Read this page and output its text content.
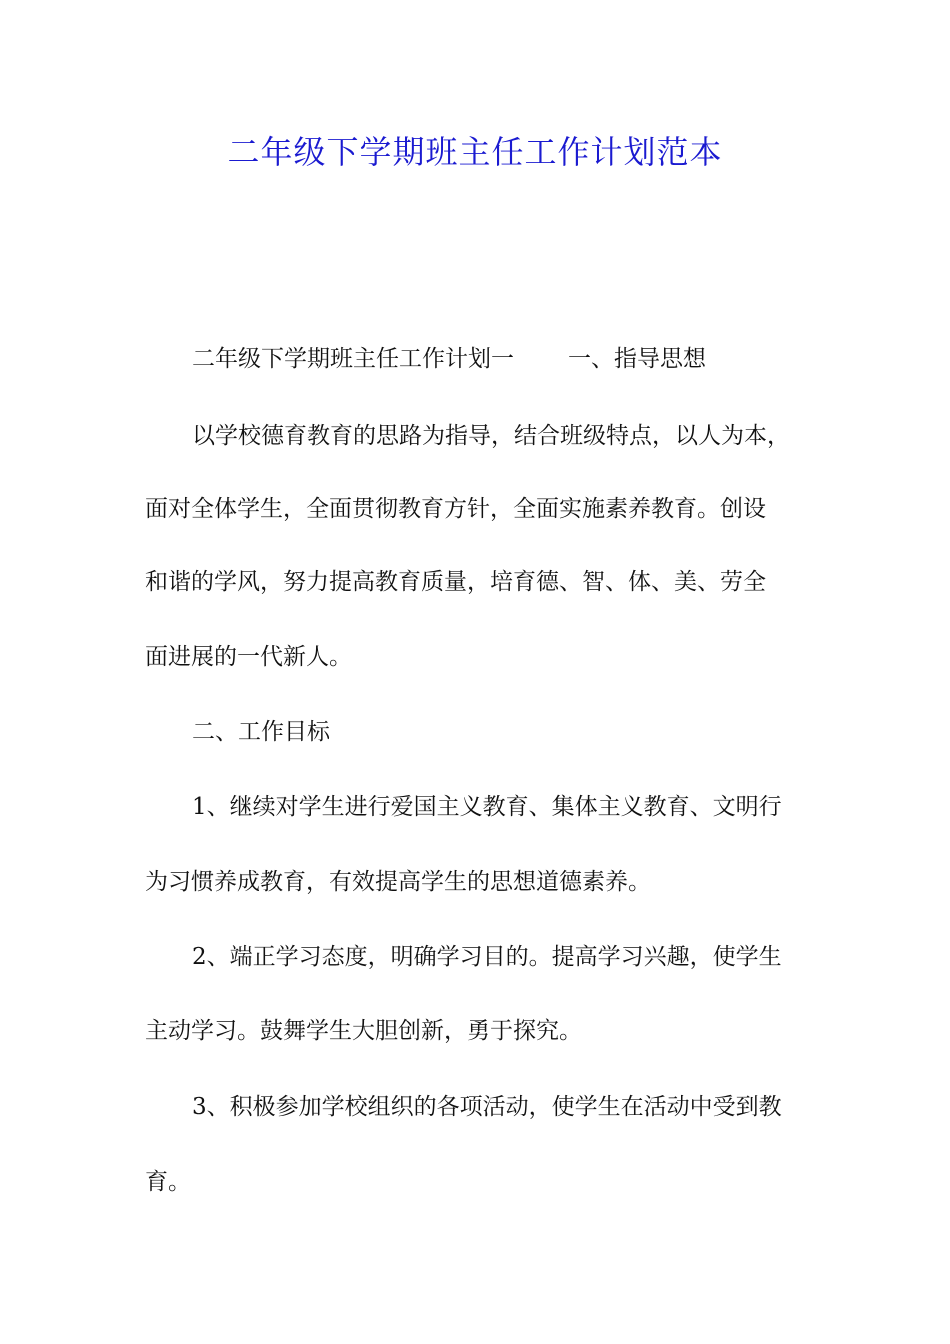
二年级下学期班主任工作计划范本
二年级下学期班主任工作计划一 一、指导思想
以学校德育教育的思路为指导，结合班级特点，以人为本，
面对全体学生，全面贯彻教育方针，全面实施素养教育。创设
和谐的学风，努力提高教育质量，培育德、智、体、美、劳全
面进展的一代新人。
二、工作目标
1、继续对学生进行爱国主义教育、集体主义教育、文明行
为习惯养成教育，有效提高学生的思想道德素养。
2、端正学习态度，明确学习目的。提高学习兴趣，使学生
主动学习。鼓舞学生大胆创新，勇于探究。
3、积极参加学校组织的各项活动，使学生在活动中受到教
育。
